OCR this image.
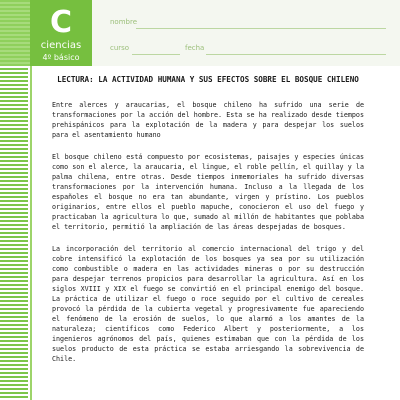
C
ciencias
4º básico
nombre
curso	fecha

LECTURA: LA ACTIVIDAD HUMANA Y SUS EFECTOS SOBRE EL BOSQUE CHILENO

Entre alerces y araucarias, el bosque chileno ha sufrido una serie de transformaciones por la acción del hombre. Esta se ha realizado desde tiempos prehispánicos para la explotación de la madera y para despejar los suelos para el asentamiento humano

El bosque chileno está compuesto por ecosistemas, paisajes y especies únicas como son el alerce, la araucaria, el lingue, el roble pellín, el quillay y la palma chilena, entre otras. Desde tiempos inmemoriales ha sufrido diversas transformaciones por la intervención humana. Incluso a la llegada de los españoles el bosque no era tan abundante, virgen y prístino. Los pueblos originarios, entre ellos el pueblo mapuche, conocieron el uso del fuego y practicaban la agricultura lo que, sumado al millón de habitantes que poblaba el territorio, permitió la ampliación de las áreas despejadas de bosques.

La incorporación del territorio al comercio internacional del trigo y del cobre intensificó la explotación de los bosques ya sea por su utilización como combustible o madera en las actividades mineras o por su destrucción para despejar terrenos propicios para desarrollar la agricultura. Así en los siglos XVIII y XIX el fuego se convirtió en el principal enemigo del bosque. La práctica de utilizar el fuego o roce seguido por el cultivo de cereales provocó la pérdida de la cubierta vegetal y progresivamente fue apareciendo el fenómeno de la erosión de suelos, lo que alarmó a los amantes de la naturaleza; científicos como Federico Albert y posteriormente, a los ingenieros agrónomos del país, quienes estimaban que con la pérdida de los suelos producto de esta práctica se estaba arriesgando la sobrevivencia de Chile.
